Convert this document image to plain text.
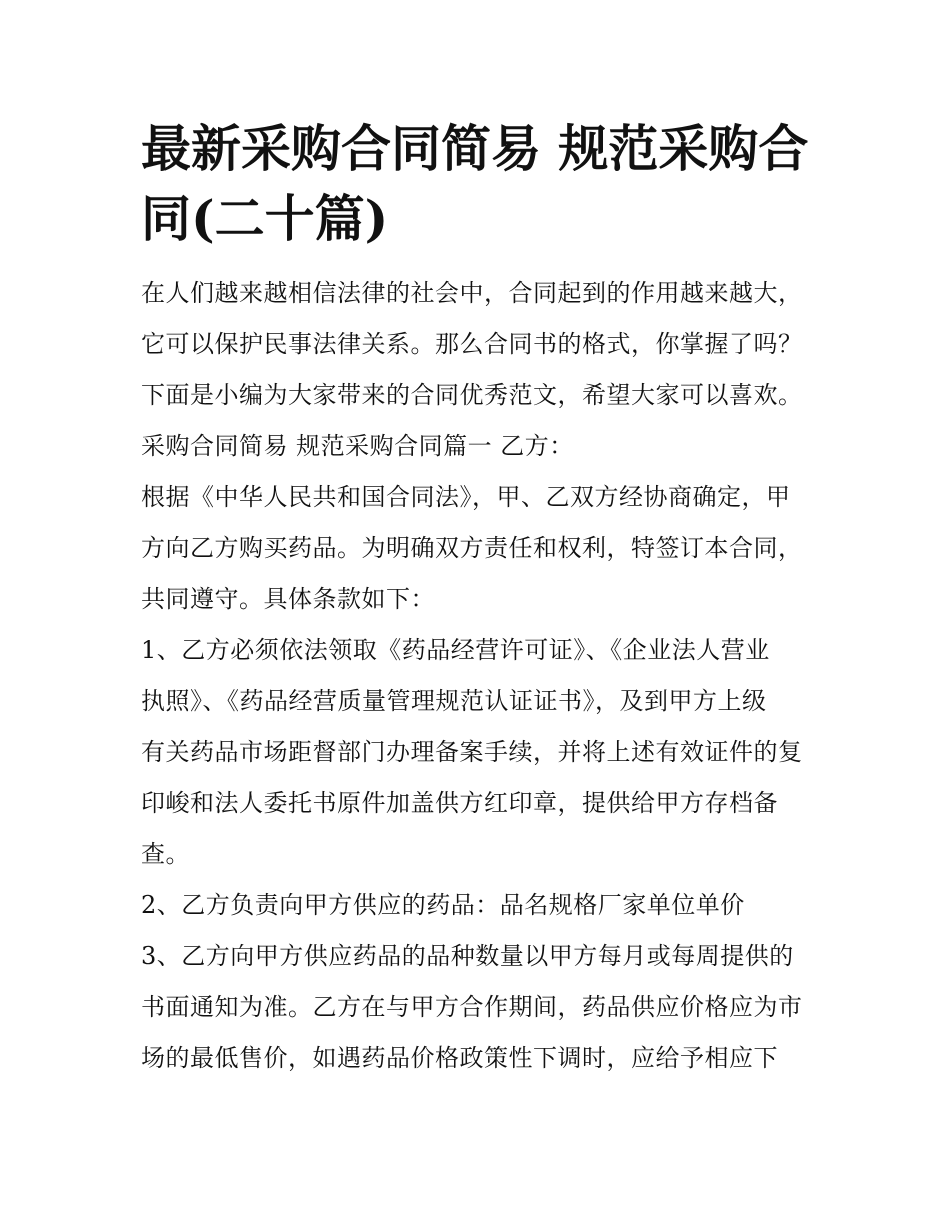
最新采购合同简易 规范采购合
同(二十篇)
在人们越来越相信法律的社会中，合同起到的作用越来越大，
它可以保护民事法律关系。那么合同书的格式，你掌握了吗？
下面是小编为大家带来的合同优秀范文，希望大家可以喜欢。
采购合同简易 规范采购合同篇一 乙方：
根据《中华人民共和国合同法》，甲、乙双方经协商确定，甲
方向乙方购买药品。为明确双方责任和权利，特签订本合同，
共同遵守。具体条款如下：
1、乙方必须依法领取《药品经营许可证》、《企业法人营业
执照》、《药品经营质量管理规范认证证书》，及到甲方上级
有关药品市场距督部门办理备案手续，并将上述有效证件的复
印峻和法人委托书原件加盖供方红印章，提供给甲方存档备
查。
2、乙方负责向甲方供应的药品：品名规格厂家单位单价
3、乙方向甲方供应药品的品种数量以甲方每月或每周提供的
书面通知为准。乙方在与甲方合作期间，药品供应价格应为市
场的最低售价，如遇药品价格政策性下调时，应给予相应下
